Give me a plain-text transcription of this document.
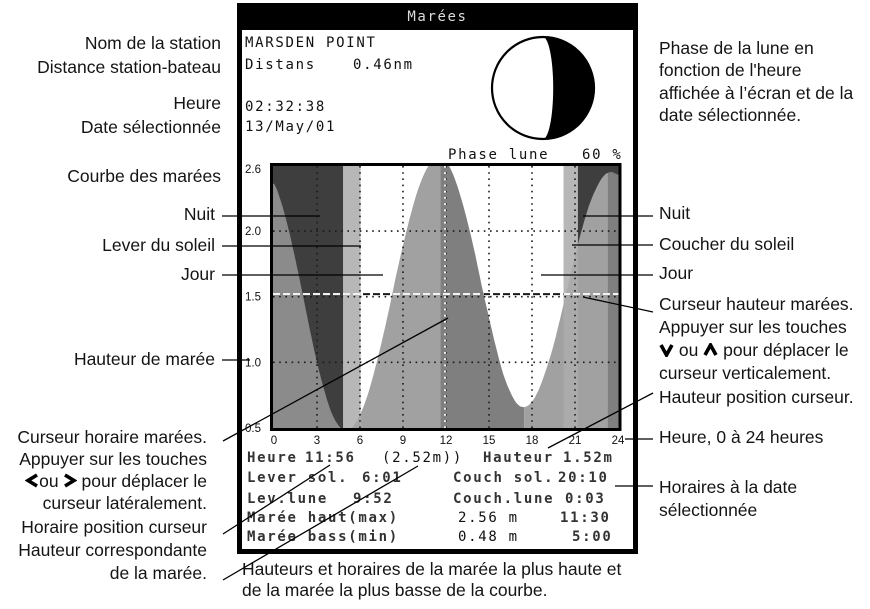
Nom de la station
Distance station-bateau
Heure
Date sélectionnée
Courbe des marées
Nuit
Lever du soleil
Jour
Hauteur de marée
Curseur horaire marées.
Appuyer sur les touches
ou pour déplacer le
curseur latéralement.
Horaire position curseur
Hauteur correspondante
de la marée.
Phase de la lune en
fonction de l'heure
affichée à l’écran et de la
date sélectionnée.
Nuit
Coucher du soleil
Jour
Curseur hauteur marées.
Appuyer sur les touches
ou pour déplacer le
curseur verticalement.
Hauteur position curseur.
Heure, 0 à 24 heures
Horaires à la date
sélectionnée
Hauteurs et horaires de la marée la plus haute et
de la marée la plus basse de la courbe.
Marées
0	3	6	9	12	15	18	21	24
0.5
1.0
1.5
2.0
2.6
MARSDEN POINT
Distans	0.46nm
02:32:38
13/May/01
Phase lune 60 %
Heure 11:56 (2.52m)) Hauteur 1.52m
Lever sol. 6:01	Couch sol. 20:10
Lev.lune 9:52	Couch.lune 0:03
Marée haut(max)	2.56 m	11:30
Marée bass(min)	0.48 m	5:00
